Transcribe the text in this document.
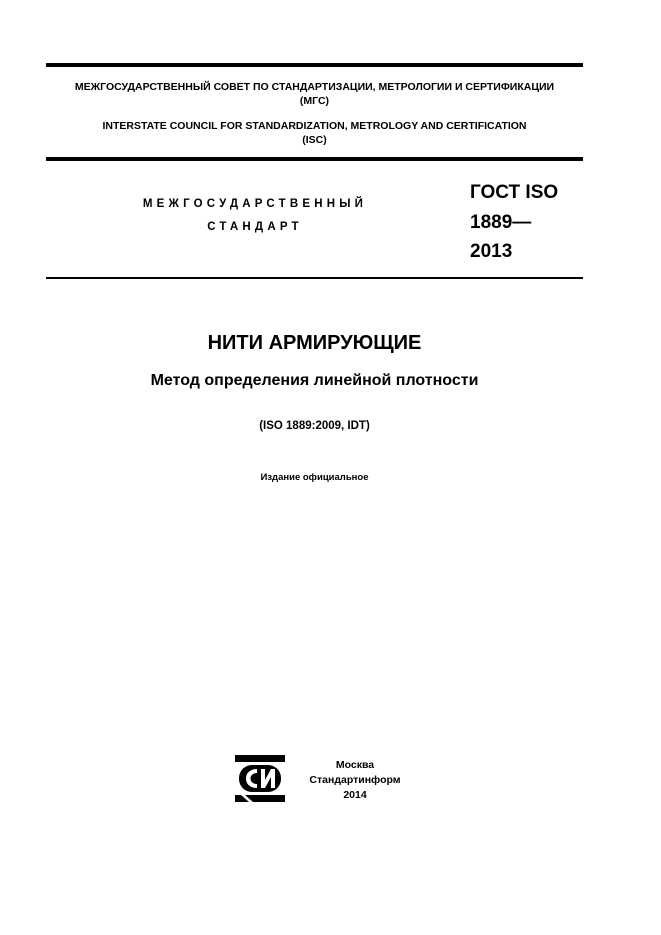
МЕЖГОСУДАРСТВЕННЫЙ СОВЕТ ПО СТАНДАРТИЗАЦИИ, МЕТРОЛОГИИ И СЕРТИФИКАЦИИ
(МГС)
INTERSTATE COUNCIL FOR STANDARDIZATION, METROLOGY AND CERTIFICATION
(ISC)
МЕЖГОСУДАРСТВЕННЫЙ
СТАНДАРТ
ГОСТ ISO
1889—
2013
НИТИ АРМИРУЮЩИЕ
Метод определения линейной плотности
(ISO 1889:2009, IDT)
Издание официальное
Москва
Стандартинформ
2014
